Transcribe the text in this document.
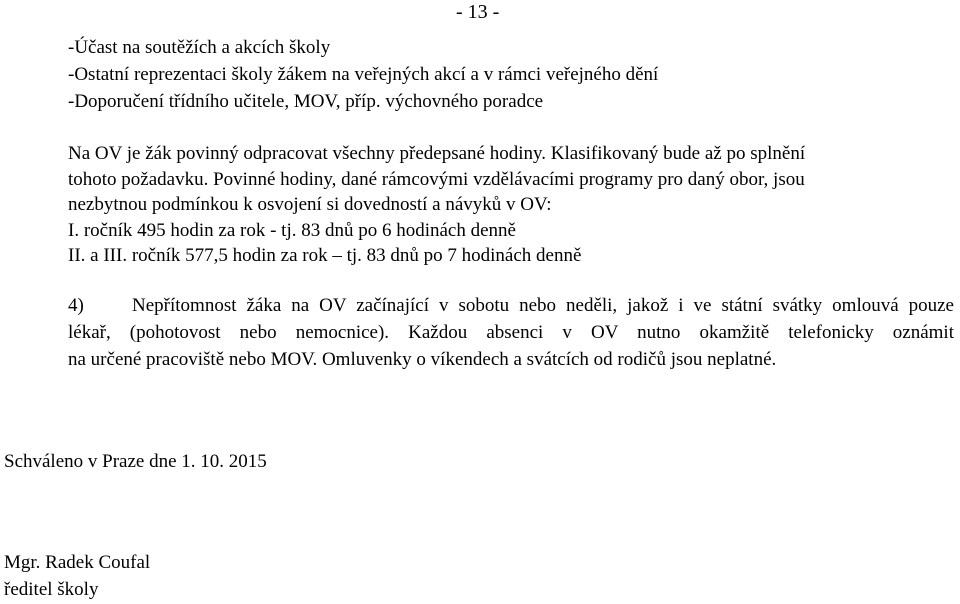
- 13 -
-Účast na soutěžích a akcích školy
-Ostatní reprezentaci školy žákem na veřejných akcí a v rámci veřejného dění
-Doporučení třídního učitele, MOV, příp. výchovného poradce
Na OV je žák povinný odpracovat všechny předepsané hodiny. Klasifikovaný bude až po splnění
tohoto požadavku. Povinné hodiny, dané rámcovými vzdělávacími programy pro daný obor, jsou
nezbytnou podmínkou k osvojení si dovedností a návyků v OV:
I. ročník 495 hodin za rok - tj. 83 dnů po 6 hodinách denně
II. a III. ročník 577,5 hodin za rok – tj. 83 dnů po 7 hodinách denně
4)	Nepřítomnost žáka na OV začínající v sobotu nebo neděli, jakož i ve státní svátky omlouvá pouze
lékař, (pohotovost nebo nemocnice). Každou absenci v OV nutno okamžitě telefonicky oznámit
na určené pracoviště nebo MOV. Omluvenky o víkendech a svátcích od rodičů jsou neplatné.
Schváleno v Praze dne 1. 10. 2015
Mgr. Radek Coufal
ředitel školy
